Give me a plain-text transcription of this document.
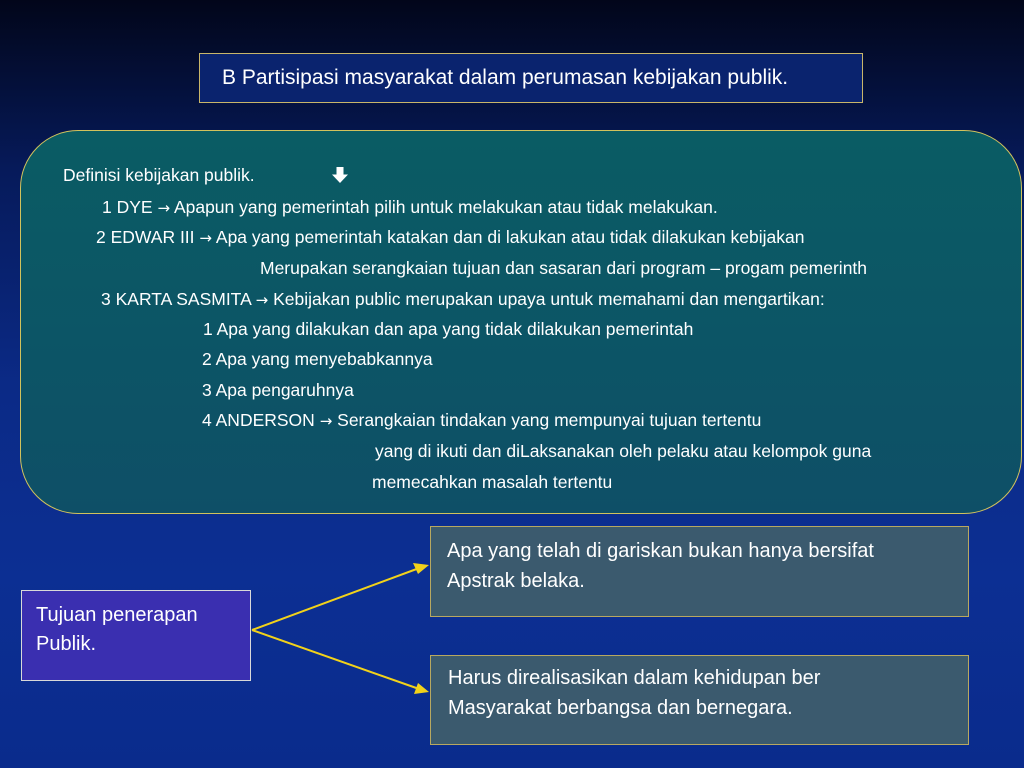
B Partisipasi masyarakat dalam perumasan kebijakan publik.
Definisi kebijakan publik.
1 DYE → Apapun yang pemerintah pilih untuk melakukan atau tidak melakukan.
2 EDWAR III → Apa yang pemerintah katakan dan di lakukan atau tidak dilakukan kebijakan
Merupakan serangkaian tujuan dan sasaran dari program – progam pemerinth
3 KARTA SASMITA → Kebijakan public merupakan upaya untuk memahami dan mengartikan:
1 Apa yang dilakukan dan apa yang tidak dilakukan pemerintah
2 Apa yang menyebabkannya
3 Apa pengaruhnya
4 ANDERSON → Serangkaian tindakan yang mempunyai tujuan tertentu
yang di ikuti dan diLaksanakan oleh pelaku atau kelompok guna
memecahkan masalah tertentu
Tujuan penerapan
Publik.
Apa yang telah di gariskan bukan hanya bersifat
Apstrak belaka.
Harus direalisasikan dalam kehidupan ber
Masyarakat berbangsa dan bernegara.
